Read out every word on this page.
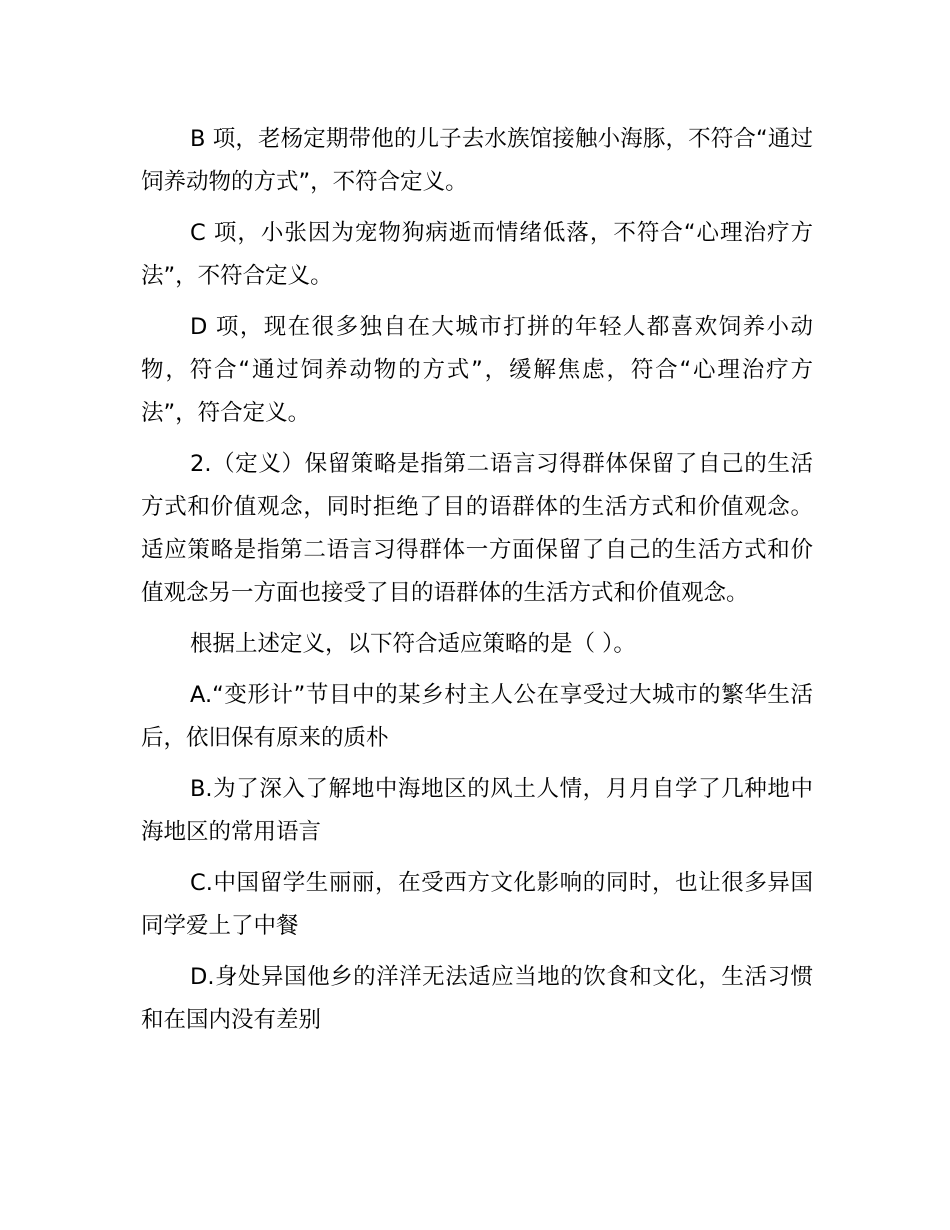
B 项，老杨定期带他的儿子去水族馆接触小海豚，不符合“通过饲养动物的方式”，不符合定义。

C 项，小张因为宠物狗病逝而情绪低落，不符合“心理治疗方法”，不符合定义。

D 项，现在很多独自在大城市打拼的年轻人都喜欢饲养小动物，符合“通过饲养动物的方式”，缓解焦虑，符合“心理治疗方法”，符合定义。

2.（定义）保留策略是指第二语言习得群体保留了自己的生活方式和价值观念，同时拒绝了目的语群体的生活方式和价值观念。适应策略是指第二语言习得群体一方面保留了自己的生活方式和价值观念另一方面也接受了目的语群体的生活方式和价值观念。

根据上述定义，以下符合适应策略的是（ ）。

A.“变形计”节目中的某乡村主人公在享受过大城市的繁华生活后，依旧保有原来的质朴

B.为了深入了解地中海地区的风土人情，月月自学了几种地中海地区的常用语言

C.中国留学生丽丽，在受西方文化影响的同时，也让很多异国同学爱上了中餐

D.身处异国他乡的洋洋无法适应当地的饮食和文化，生活习惯和在国内没有差别
